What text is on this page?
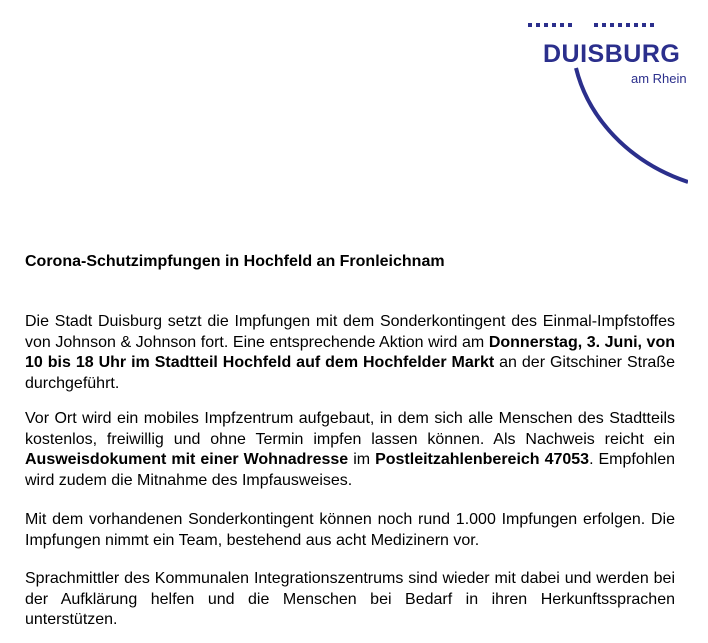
DUISBURG
am Rhein
Corona-Schutzimpfungen in Hochfeld an Fronleichnam

Die Stadt Duisburg setzt die Impfungen mit dem Sonderkontingent des Einmal-Impfstoffes von Johnson & Johnson fort. Eine entsprechende Aktion wird am Donnerstag, 3. Juni, von 10 bis 18 Uhr im Stadtteil Hochfeld auf dem Hochfelder Markt an der Gitschiner Straße durchgeführt.

Vor Ort wird ein mobiles Impfzentrum aufgebaut, in dem sich alle Menschen des Stadtteils kostenlos, freiwillig und ohne Termin impfen lassen können. Als Nachweis reicht ein Ausweisdokument mit einer Wohnadresse im Postleitzahlenbereich 47053. Empfohlen wird zudem die Mitnahme des Impfausweises.

Mit dem vorhandenen Sonderkontingent können noch rund 1.000 Impfungen erfolgen. Die Impfungen nimmt ein Team, bestehend aus acht Medizinern vor.

Sprachmittler des Kommunalen Integrationszentrums sind wieder mit dabei und werden bei der Aufklärung helfen und die Menschen bei Bedarf in ihren Herkunftssprachen unterstützen.
